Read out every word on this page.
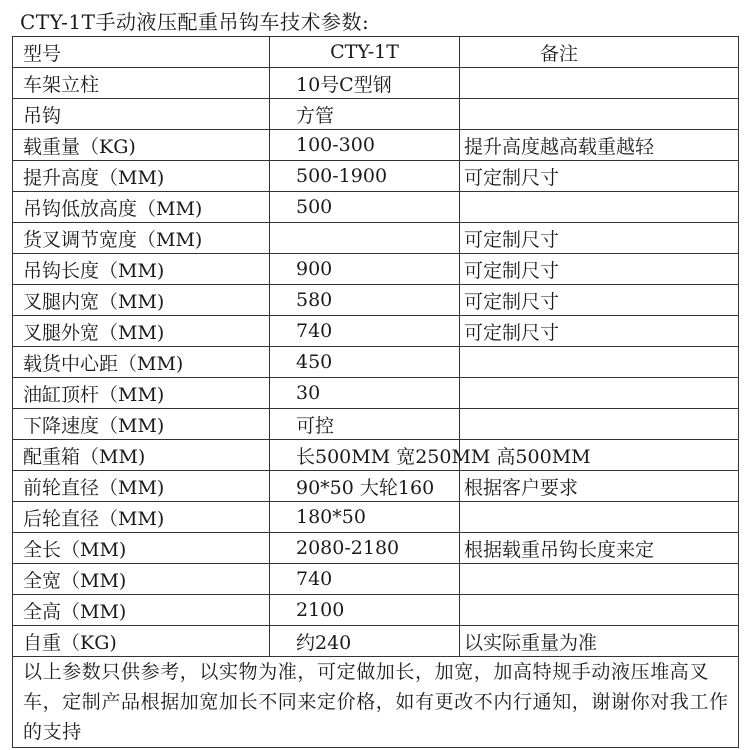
CTY-1T手动液压配重吊钩车技术参数:
型号	CTY-1T	备注
车架立柱	10号C型钢	
吊钩	方管	
载重量（KG)	100-300	提升高度越高载重越轻
提升高度（MM)	500-1900	可定制尺寸
吊钩低放高度（MM)	500	
货叉调节宽度（MM)		可定制尺寸
吊钩长度（MM)	900	可定制尺寸
叉腿内宽（MM)	580	可定制尺寸
叉腿外宽（MM)	740	可定制尺寸
载货中心距（MM)	450	
油缸顶杆（MM)	30	
下降速度（MM)	可控	
配重箱（MM)	长500MM 宽250MM 高500MM	
前轮直径（MM)	90*50 大轮160	根据客户要求
后轮直径（MM)	180*50	
全长（MM)	2080-2180	根据载重吊钩长度来定
全宽（MM)	740	
全高（MM)	2100	
自重（KG)	约240	以实际重量为准
以上参数只供参考，以实物为准，可定做加长，加宽，加高特规手动液压堆高叉车，定制产品根据加宽加长不同来定价格，如有更改不内行通知，谢谢你对我工作的支持		
